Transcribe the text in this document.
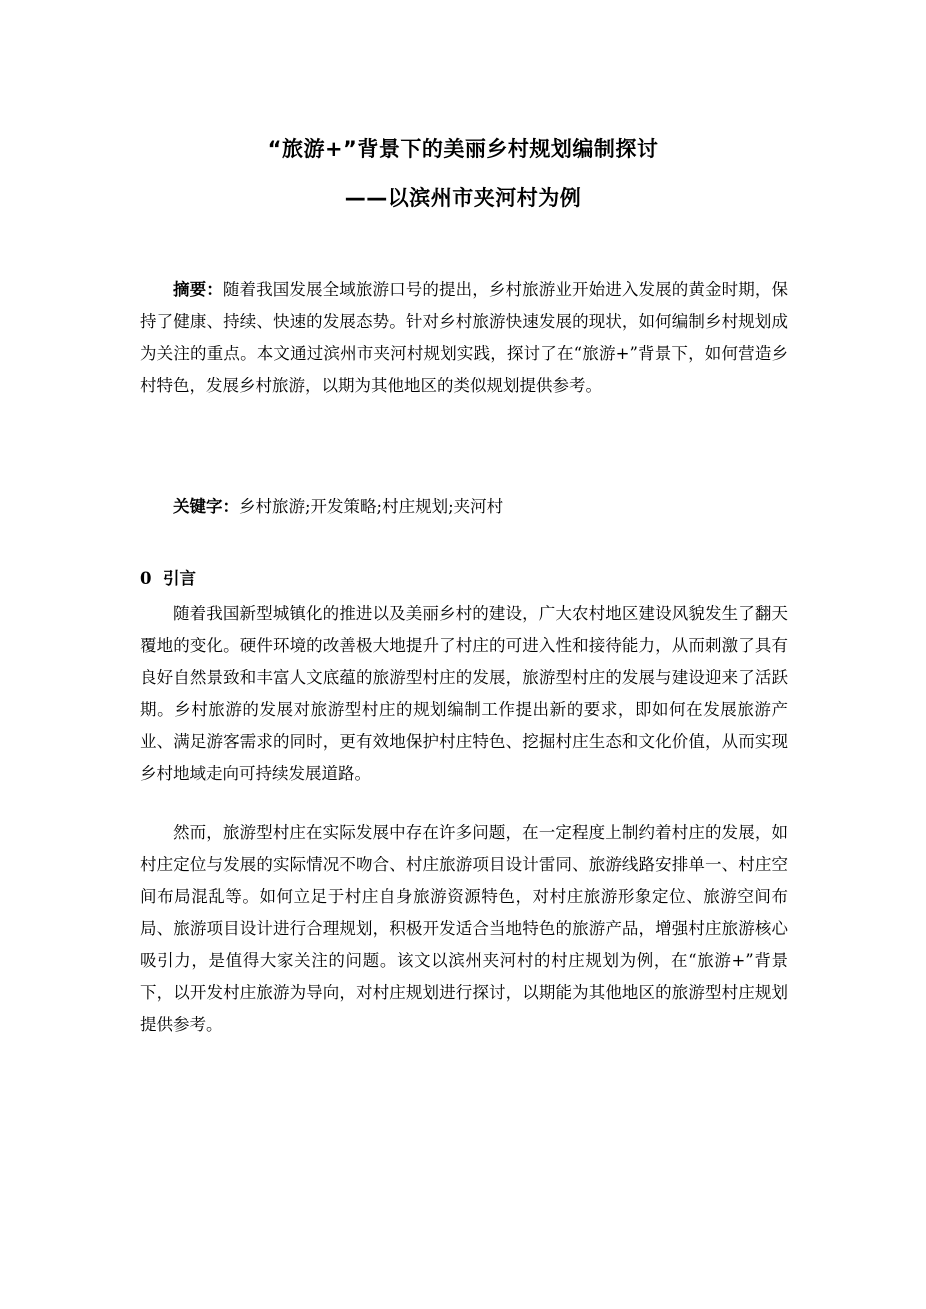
“旅游+”背景下的美丽乡村规划编制探讨
——以滨州市夹河村为例
摘要：随着我国发展全域旅游口号的提出，乡村旅游业开始进入发展的黄金时期，保持了健康、持续、快速的发展态势。针对乡村旅游快速发展的现状，如何编制乡村规划成为关注的重点。本文通过滨州市夹河村规划实践，探讨了在“旅游+”背景下，如何营造乡村特色，发展乡村旅游，以期为其他地区的类似规划提供参考。
关键字：乡村旅游;开发策略;村庄规划;夹河村
0 引言
随着我国新型城镇化的推进以及美丽乡村的建设，广大农村地区建设风貌发生了翻天覆地的变化。硬件环境的改善极大地提升了村庄的可进入性和接待能力，从而刺激了具有良好自然景致和丰富人文底蕴的旅游型村庄的发展，旅游型村庄的发展与建设迎来了活跃期。乡村旅游的发展对旅游型村庄的规划编制工作提出新的要求，即如何在发展旅游产业、满足游客需求的同时，更有效地保护村庄特色、挖掘村庄生态和文化价值，从而实现乡村地域走向可持续发展道路。
然而，旅游型村庄在实际发展中存在许多问题，在一定程度上制约着村庄的发展，如村庄定位与发展的实际情况不吻合、村庄旅游项目设计雷同、旅游线路安排单一、村庄空间布局混乱等。如何立足于村庄自身旅游资源特色，对村庄旅游形象定位、旅游空间布局、旅游项目设计进行合理规划，积极开发适合当地特色的旅游产品，增强村庄旅游核心吸引力，是值得大家关注的问题。该文以滨州夹河村的村庄规划为例，在“旅游+”背景下，以开发村庄旅游为导向，对村庄规划进行探讨，以期能为其他地区的旅游型村庄规划提供参考。
